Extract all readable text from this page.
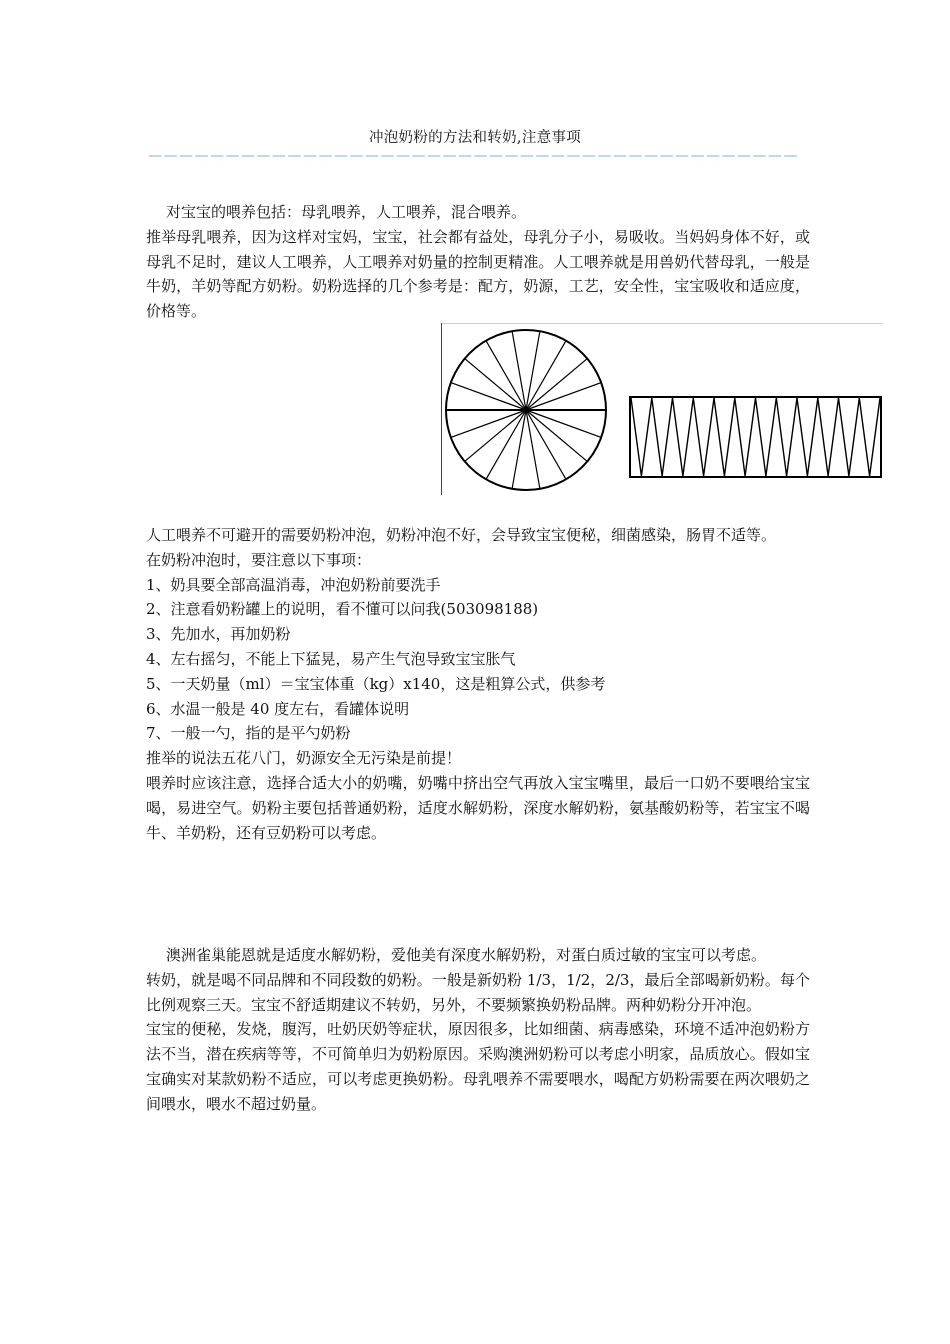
冲泡奶粉的方法和转奶,注意事项
——————————————————————————————————————————

对宝宝的喂养包括：母乳喂养，人工喂养，混合喂养。

推举母乳喂养，因为这样对宝妈，宝宝，社会都有益处，母乳分子小，易吸收。当妈妈身体不好，或母乳不足时，建议人工喂养，人工喂养对奶量的控制更精准。人工喂养就是用兽奶代替母乳，一般是牛奶，羊奶等配方奶粉。奶粉选择的几个参考是：配方，奶源，工艺，安全性，宝宝吸收和适应度，价格等。

人工喂养不可避开的需要奶粉冲泡，奶粉冲泡不好，会导致宝宝便秘，细菌感染，肠胃不适等。

在奶粉冲泡时，要注意以下事项：

1、奶具要全部高温消毒，冲泡奶粉前要洗手

2、注意看奶粉罐上的说明，看不懂可以问我(503098188)

3、先加水，再加奶粉

4、左右摇匀，不能上下猛晃，易产生气泡导致宝宝胀气

5、一天奶量（ml）＝宝宝体重（kg）x140，这是粗算公式，供参考

6、水温一般是 40 度左右，看罐体说明

7、一般一勺，指的是平勺奶粉

推举的说法五花八门，奶源安全无污染是前提！

喂养时应该注意，选择合适大小的奶嘴，奶嘴中挤出空气再放入宝宝嘴里，最后一口奶不要喂给宝宝喝，易进空气。奶粉主要包括普通奶粉，适度水解奶粉，深度水解奶粉，氨基酸奶粉等，若宝宝不喝牛、羊奶粉，还有豆奶粉可以考虑。

澳洲雀巢能恩就是适度水解奶粉，爱他美有深度水解奶粉，对蛋白质过敏的宝宝可以考虑。

转奶，就是喝不同品牌和不同段数的奶粉。一般是新奶粉 1/3，1/2，2/3，最后全部喝新奶粉。每个比例观察三天。宝宝不舒适期建议不转奶，另外，不要频繁换奶粉品牌。两种奶粉分开冲泡。

宝宝的便秘，发烧，腹泻，吐奶厌奶等症状，原因很多，比如细菌、病毒感染，环境不适冲泡奶粉方法不当，潜在疾病等等，不可简单归为奶粉原因。采购澳洲奶粉可以考虑小明家，品质放心。假如宝宝确实对某款奶粉不适应，可以考虑更换奶粉。母乳喂养不需要喂水，喝配方奶粉需要在两次喂奶之间喂水，喂水不超过奶量。
